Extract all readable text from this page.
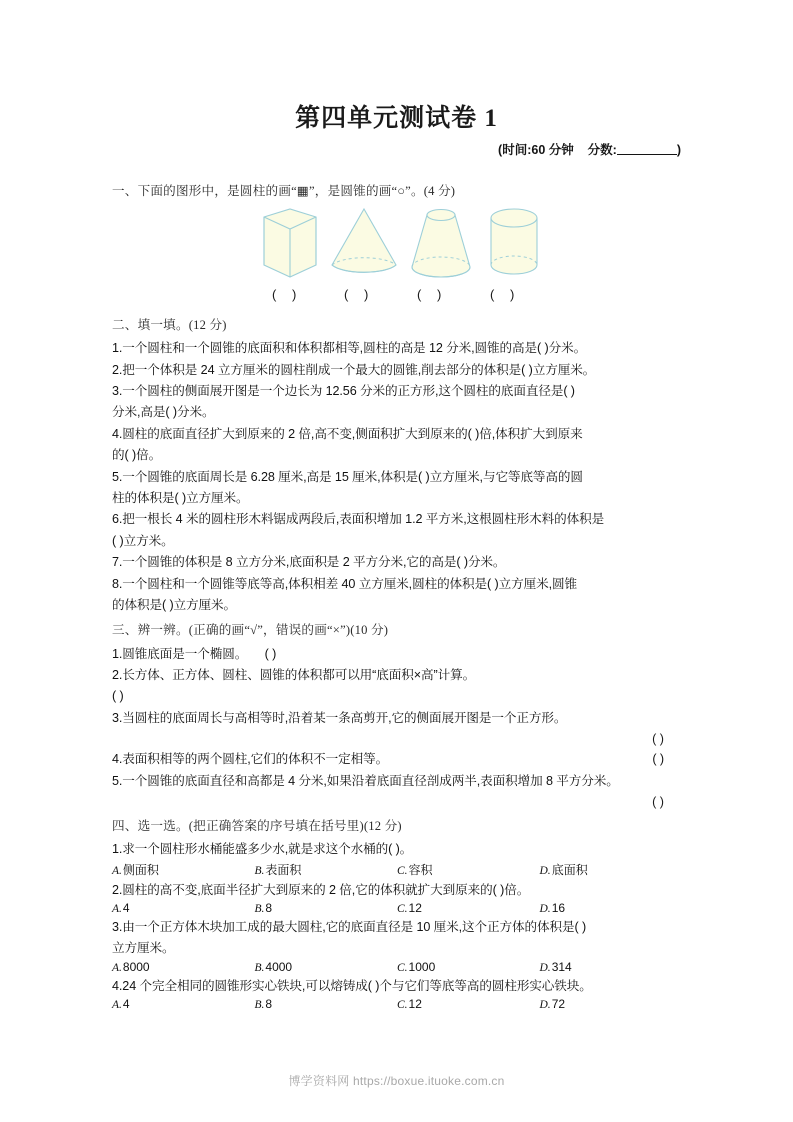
第四单元测试卷 1
(时间:60 分钟 分数:	)
一、下面的图形中，是圆柱的画“▦”，是圆锥的画“○”。(4 分)
( )	( )	( )	( )
二、填一填。(12 分)
1.一个圆柱和一个圆锥的底面积和体积都相等,圆柱的高是 12 分米,圆锥的高是( )分米。
2.把一个体积是 24 立方厘米的圆柱削成一个最大的圆锥,削去部分的体积是( )立方厘米。
3.一个圆柱的侧面展开图是一个边长为 12.56 分米的正方形,这个圆柱的底面直径是( )
分米,高是( )分米。
4.圆柱的底面直径扩大到原来的 2 倍,高不变,侧面积扩大到原来的( )倍,体积扩大到原来
的( )倍。
5.一个圆锥的底面周长是 6.28 厘米,高是 15 厘米,体积是( )立方厘米,与它等底等高的圆
柱的体积是( )立方厘米。
6.把一根长 4 米的圆柱形木料锯成两段后,表面积增加 1.2 平方米,这根圆柱形木料的体积是
( )立方米。
7.一个圆锥的体积是 8 立方分米,底面积是 2 平方分米,它的高是( )分米。
8.一个圆柱和一个圆锥等底等高,体积相差 40 立方厘米,圆柱的体积是( )立方厘米,圆锥
的体积是( )立方厘米。
三、辨一辨。(正确的画“√”，错误的画“×”)(10 分)
1.圆锥底面是一个椭圆。 ( )
2.长方体、正方体、圆柱、圆锥的体积都可以用“底面积×高”计算。
( )
3.当圆柱的底面周长与高相等时,沿着某一条高剪开,它的侧面展开图是一个正方形。
( )
( )
4.表面积相等的两个圆柱,它们的体积不一定相等。
5.一个圆锥的底面直径和高都是 4 分米,如果沿着底面直径剖成两半,表面积增加 8 平方分米。
( )
四、选一选。(把正确答案的序号填在括号里)(12 分)
1.求一个圆柱形水桶能盛多少水,就是求这个水桶的( )。
A.侧面积	B.表面积	C.容积	D.底面积
2.圆柱的高不变,底面半径扩大到原来的 2 倍,它的体积就扩大到原来的( )倍。
A.4	B.8	C.12	D.16
3.由一个正方体木块加工成的最大圆柱,它的底面直径是 10 厘米,这个正方体的体积是( )
立方厘米。
A.8000	B.4000	C.1000	D.314
4.24 个完全相同的圆锥形实心铁块,可以熔铸成( )个与它们等底等高的圆柱形实心铁块。
A.4	B.8	C.12	D.72
博学资料网 https://boxue.ituoke.com.cn
